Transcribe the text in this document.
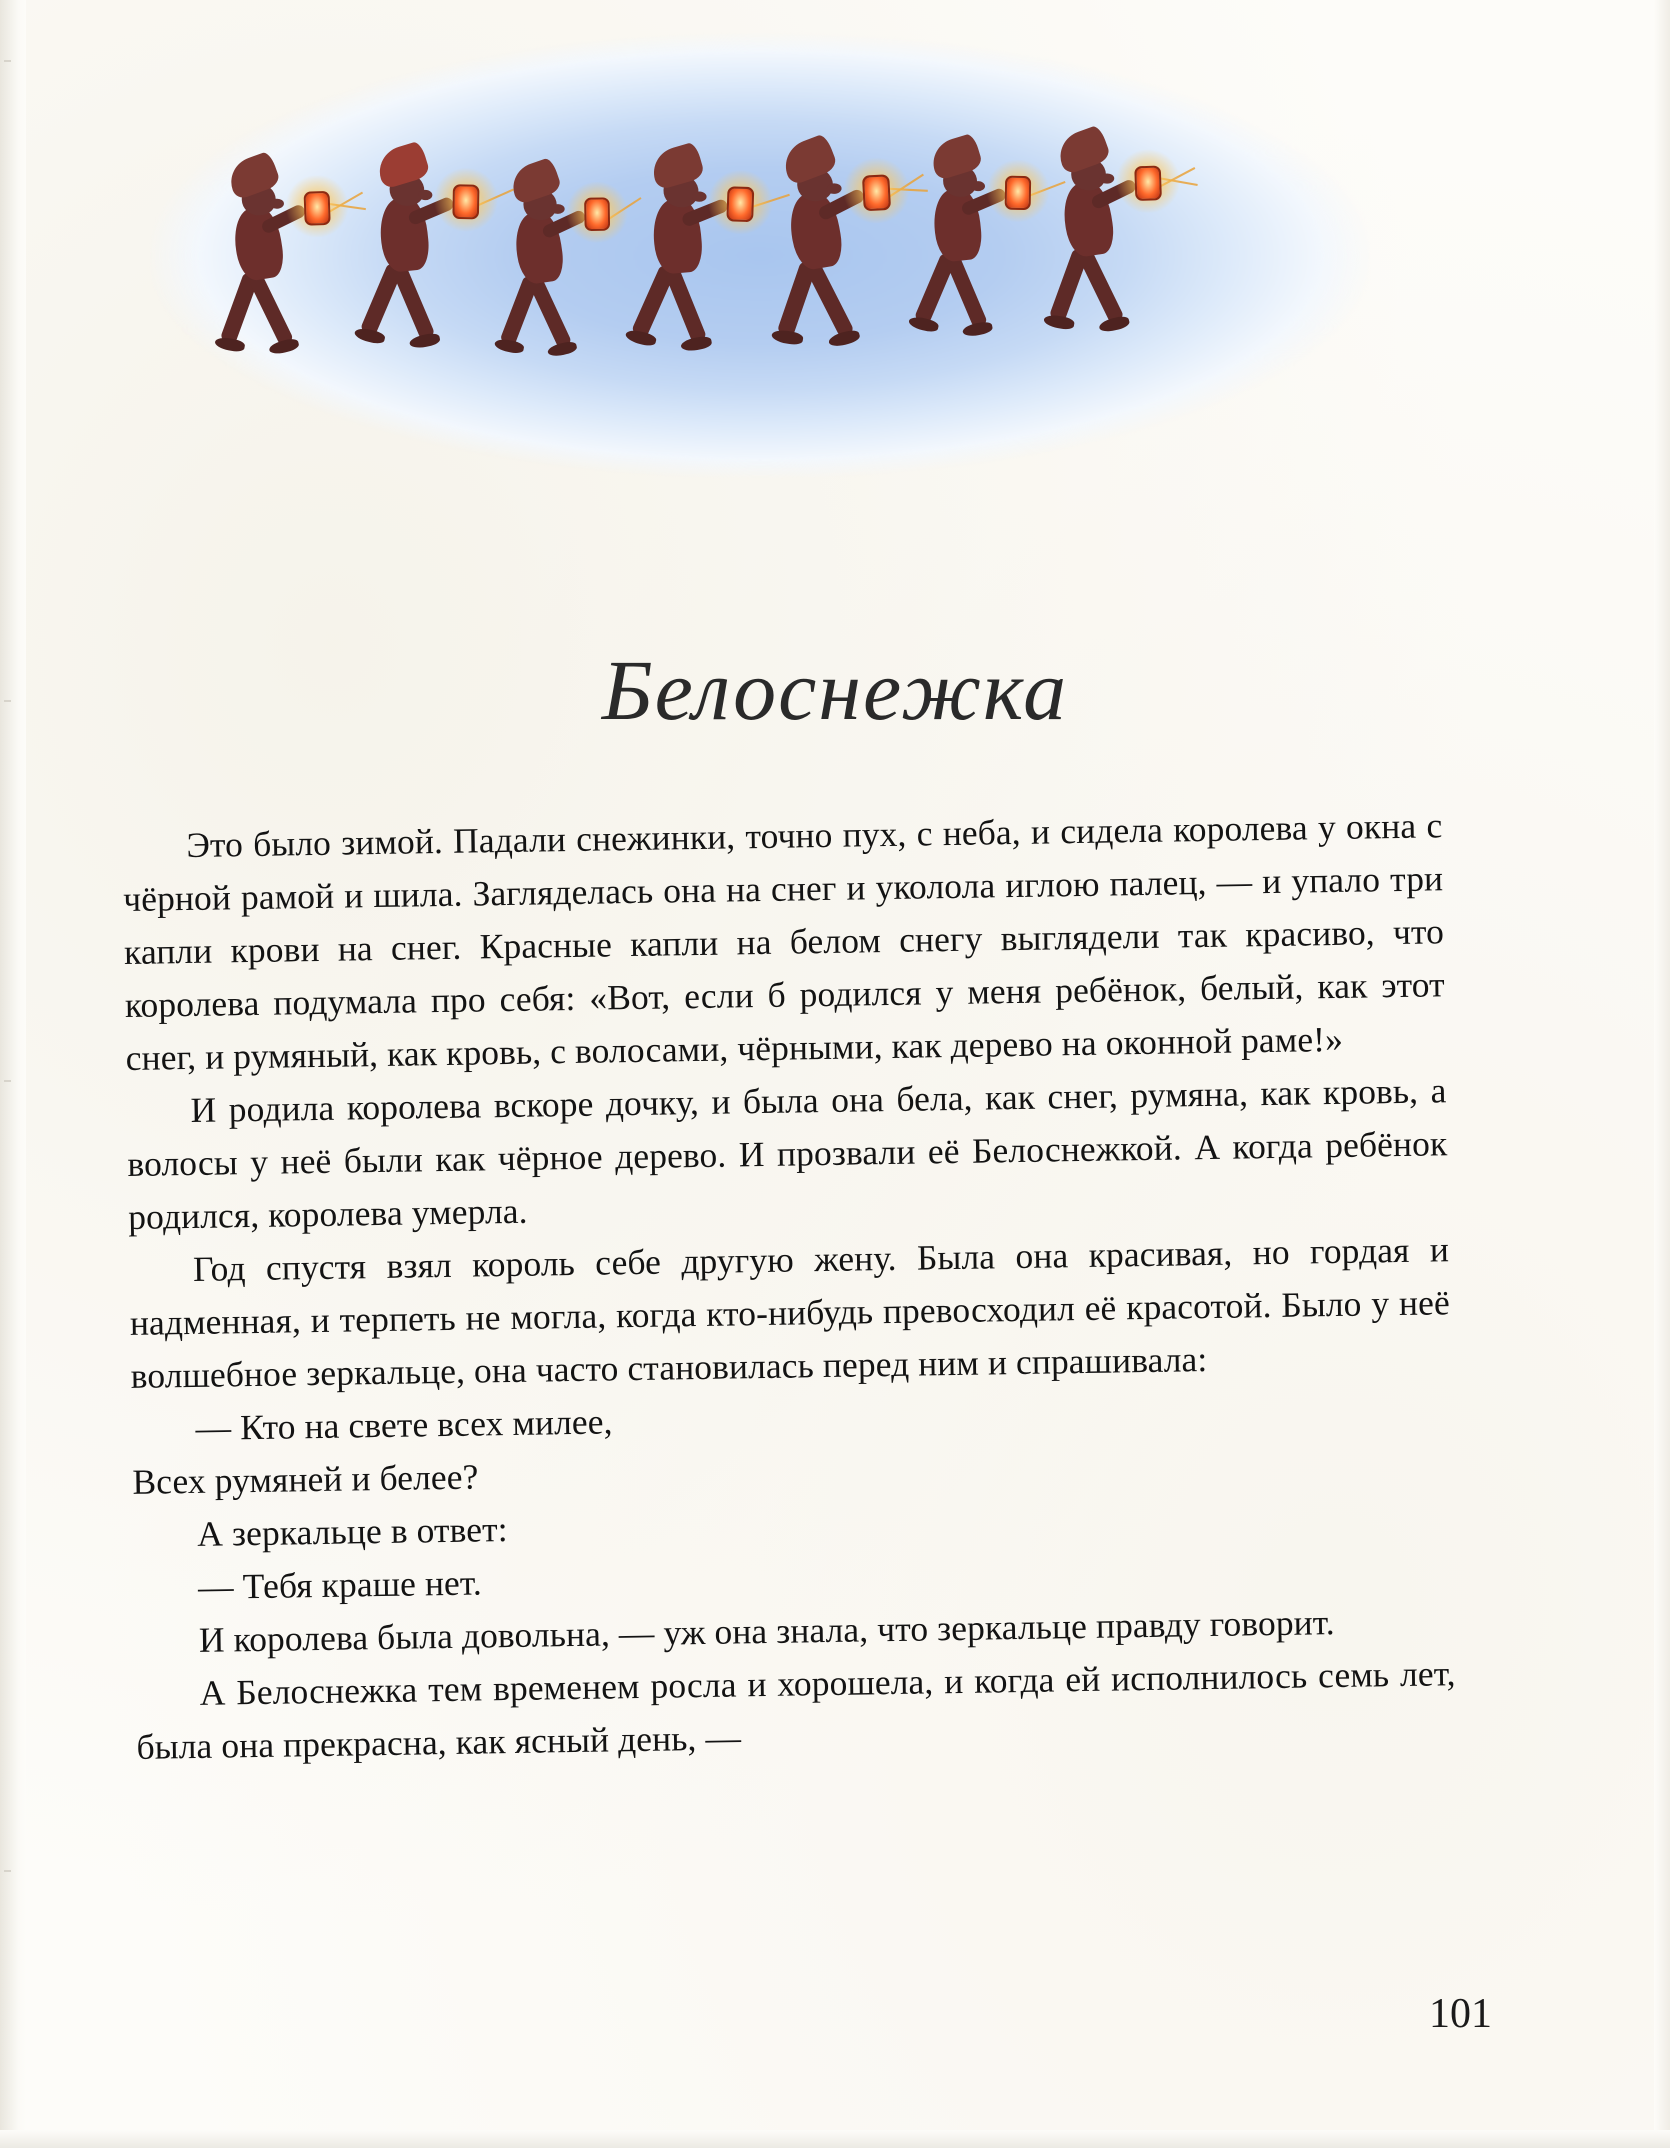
Белоснежка

Это было зимой. Падали снежинки, точно пух, с неба, и сидела королева у окна с чёрной рамой и шила. Загляделась она на снег и уколола иглою палец, — и упало три капли крови на снег. Красные капли на белом снегу выглядели так красиво, что королева подумала про себя: «Вот, если б родился у меня ребёнок, белый, как этот снег, и румяный, как кровь, с волосами, чёрными, как дерево на оконной раме!»

И родила королева вскоре дочку, и была она бела, как снег, румяна, как кровь, а волосы у неё были как чёрное дерево. И прозвали её Белоснежкой. А когда ребёнок родился, королева умерла.

Год спустя взял король себе другую жену. Была она красивая, но гордая и надменная, и терпеть не могла, когда кто-нибудь превосходил её красотой. Было у неё волшебное зеркальце, она часто становилась перед ним и спрашивала:

— Кто на свете всех милее,

Всех румяней и белее?

А зеркальце в ответ:

— Тебя краше нет.

И королева была довольна, — уж она знала, что зеркальце правду говорит.

А Белоснежка тем временем росла и хорошела, и когда ей исполнилось семь лет, была она прекрасна, как ясный день, —

101
